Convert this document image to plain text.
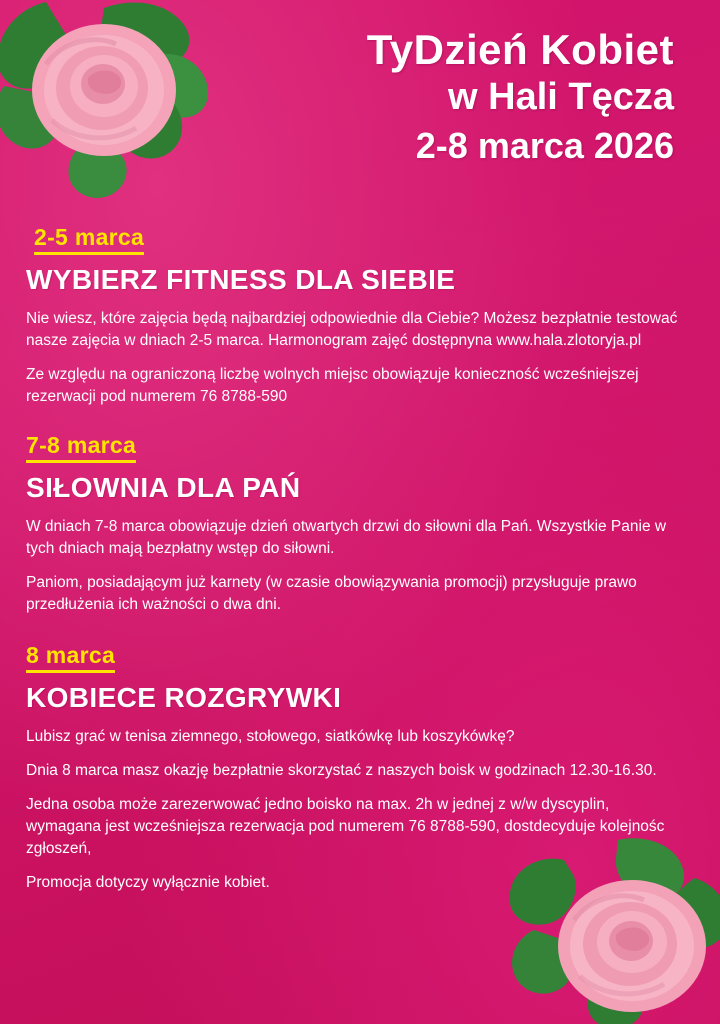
TyDzień Kobiet
w Hali Tęcza
2-8 marca 2026
2-5 marca
WYBIERZ FITNESS DLA SIEBIE

Nie wiesz, które zajęcia będą najbardziej odpowiednie dla Ciebie? Możesz bezpłatnie testować nasze zajęcia w dniach 2-5 marca. Harmonogram zajęć dostępnyna www.hala.zlotoryja.pl

Ze względu na ograniczoną liczbę wolnych miejsc obowiązuje konieczność wcześniejszej rezerwacji pod numerem 76 8788-590

7-8 marca
SIŁOWNIA DLA PAŃ

W dniach 7-8 marca obowiązuje dzień otwartych drzwi do siłowni dla Pań. Wszystkie Panie w tych dniach mają bezpłatny wstęp do siłowni.

Paniom, posiadającym już karnety (w czasie obowiązywania promocji) przysługuje prawo przedłużenia ich ważności o dwa dni.

8 marca
KOBIECE ROZGRYWKI

Lubisz grać w tenisa ziemnego, stołowego, siatkówkę lub koszykówkę?

Dnia 8 marca masz okazję bezpłatnie skorzystać z naszych boisk w godzinach 12.30-16.30.

Jedna osoba może zarezerwować jedno boisko na max. 2h w jednej z w/w dyscyplin, wymagana jest wcześniejsza rezerwacja pod numerem 76 8788-590, dostdecyduje kolejnośc zgłoszeń,

Promocja dotyczy wyłącznie kobiet.
